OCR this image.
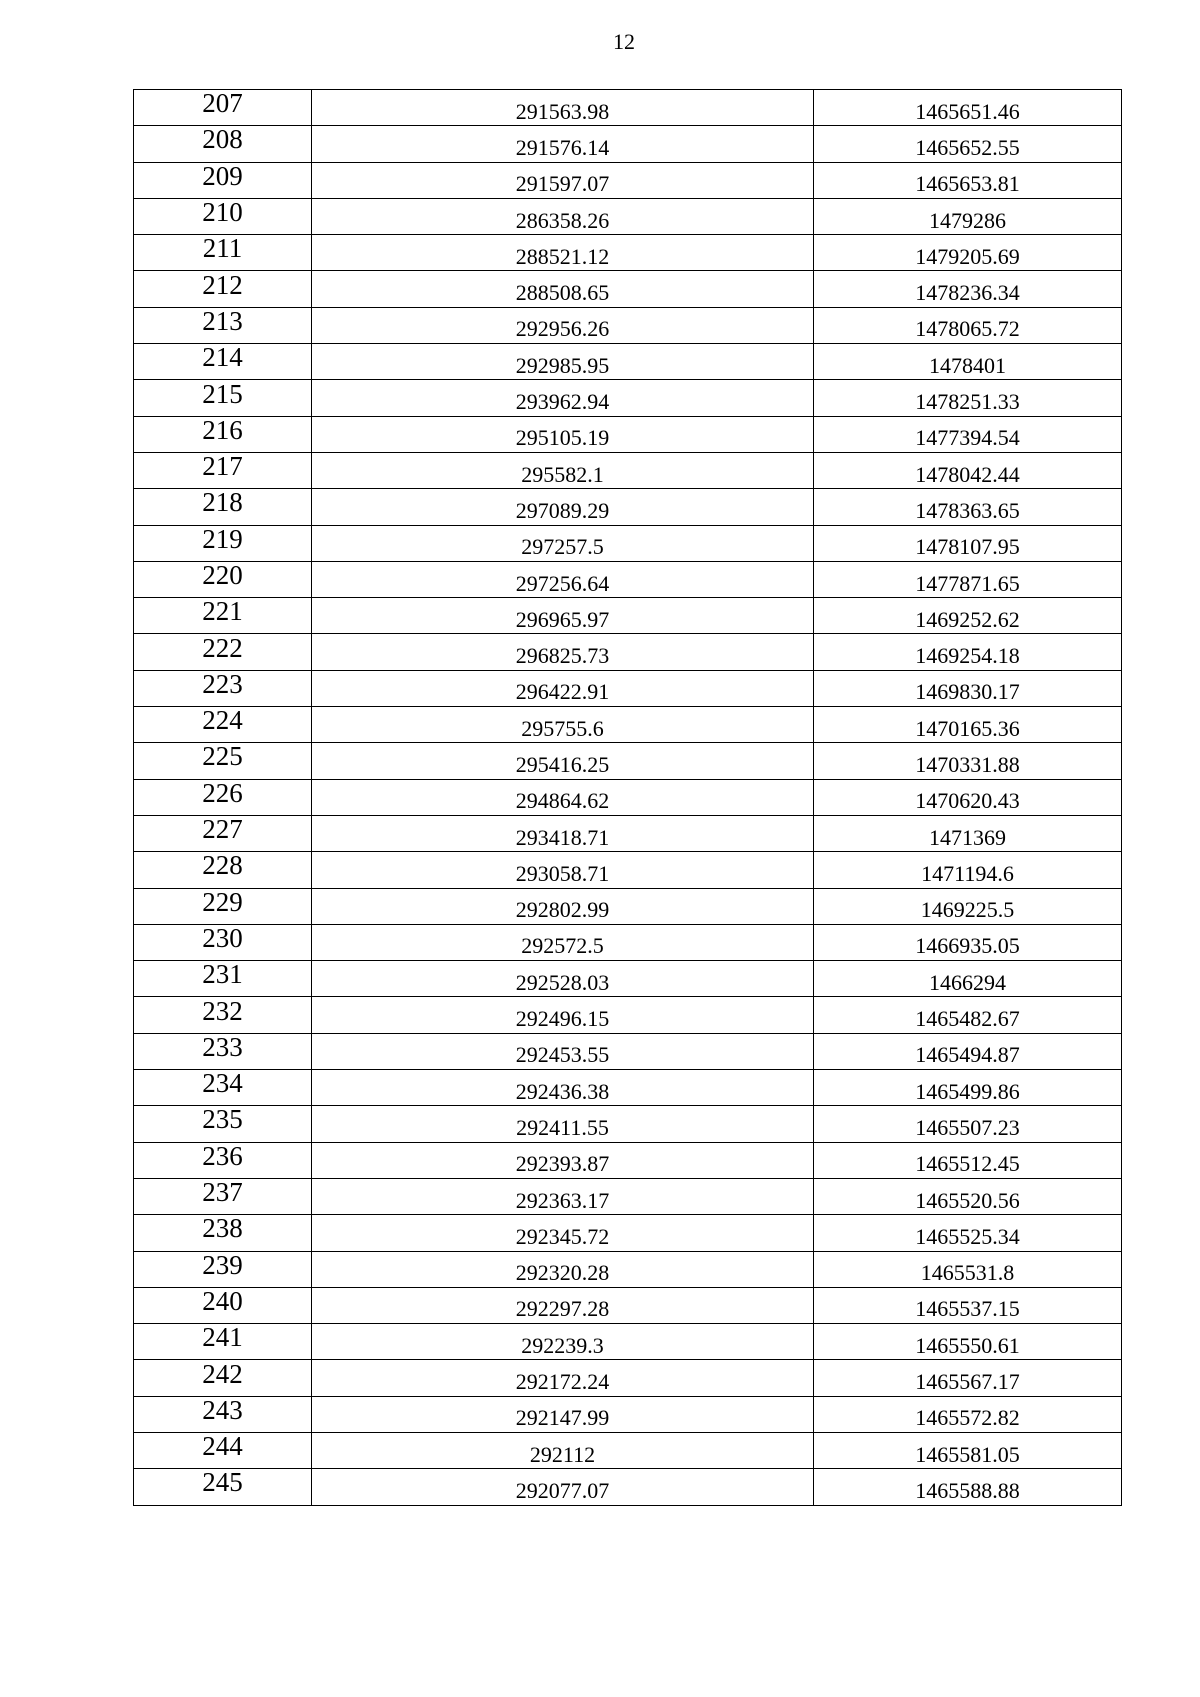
12
207	291563.98	1465651.46
208	291576.14	1465652.55
209	291597.07	1465653.81
210	286358.26	1479286
211	288521.12	1479205.69
212	288508.65	1478236.34
213	292956.26	1478065.72
214	292985.95	1478401
215	293962.94	1478251.33
216	295105.19	1477394.54
217	295582.1	1478042.44
218	297089.29	1478363.65
219	297257.5	1478107.95
220	297256.64	1477871.65
221	296965.97	1469252.62
222	296825.73	1469254.18
223	296422.91	1469830.17
224	295755.6	1470165.36
225	295416.25	1470331.88
226	294864.62	1470620.43
227	293418.71	1471369
228	293058.71	1471194.6
229	292802.99	1469225.5
230	292572.5	1466935.05
231	292528.03	1466294
232	292496.15	1465482.67
233	292453.55	1465494.87
234	292436.38	1465499.86
235	292411.55	1465507.23
236	292393.87	1465512.45
237	292363.17	1465520.56
238	292345.72	1465525.34
239	292320.28	1465531.8
240	292297.28	1465537.15
241	292239.3	1465550.61
242	292172.24	1465567.17
243	292147.99	1465572.82
244	292112	1465581.05
245	292077.07	1465588.88
